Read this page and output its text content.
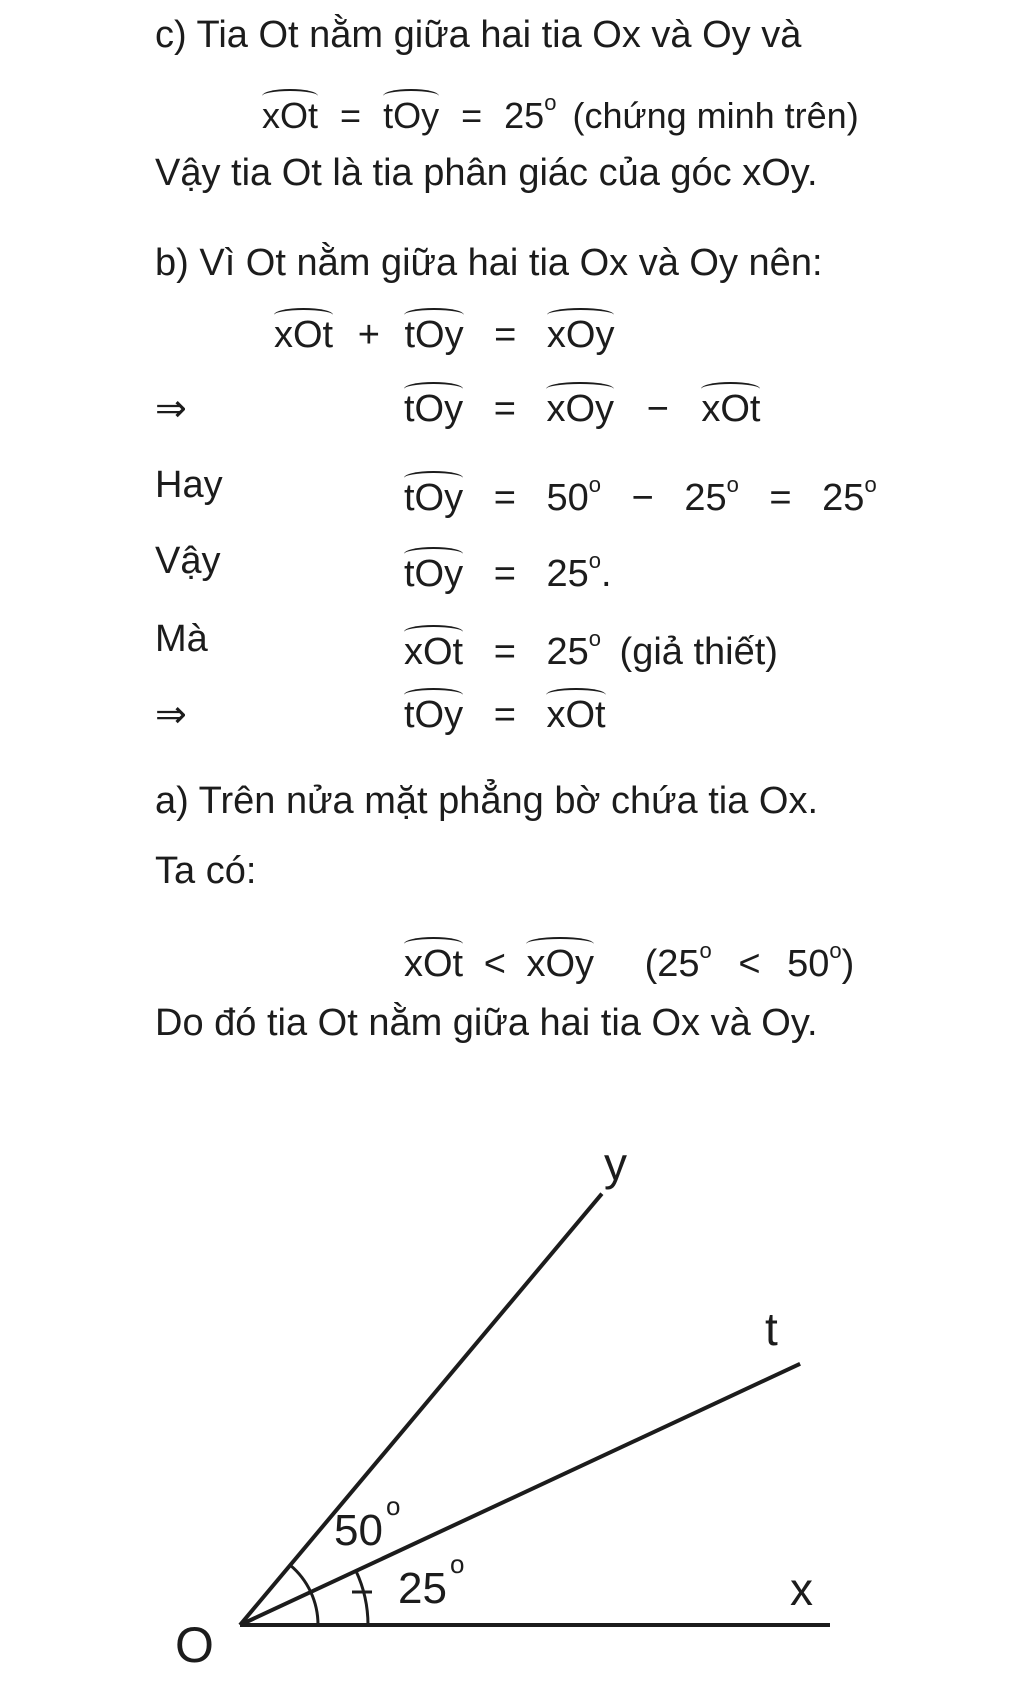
c) Tia Ot nằm giữa hai tia Ox và Oy và
xOt = tOy = $25^o$ (chứng minh trên)
Vậy tia Ot là tia phân giác của góc xOy.
b) Vì Ot nằm giữa hai tia Ox và Oy nên:
xOt + tOy = xOy
⇒	tOy = xOy − xOt
Hay	tOy = $50^o - 25^o = 25^o$
Vậy	tOy = $25^o$.
Mà	xOt = $25^o$ (giả thiết)
⇒	tOy = xOt
a) Trên nửa mặt phẳng bờ chứa tia Ox.
Ta có:
xOt < xOy $(25^o < 50^o)$
Do đó tia Ot nằm giữa hai tia Ox và Oy.
O
x
y
t
50 o
25 o
